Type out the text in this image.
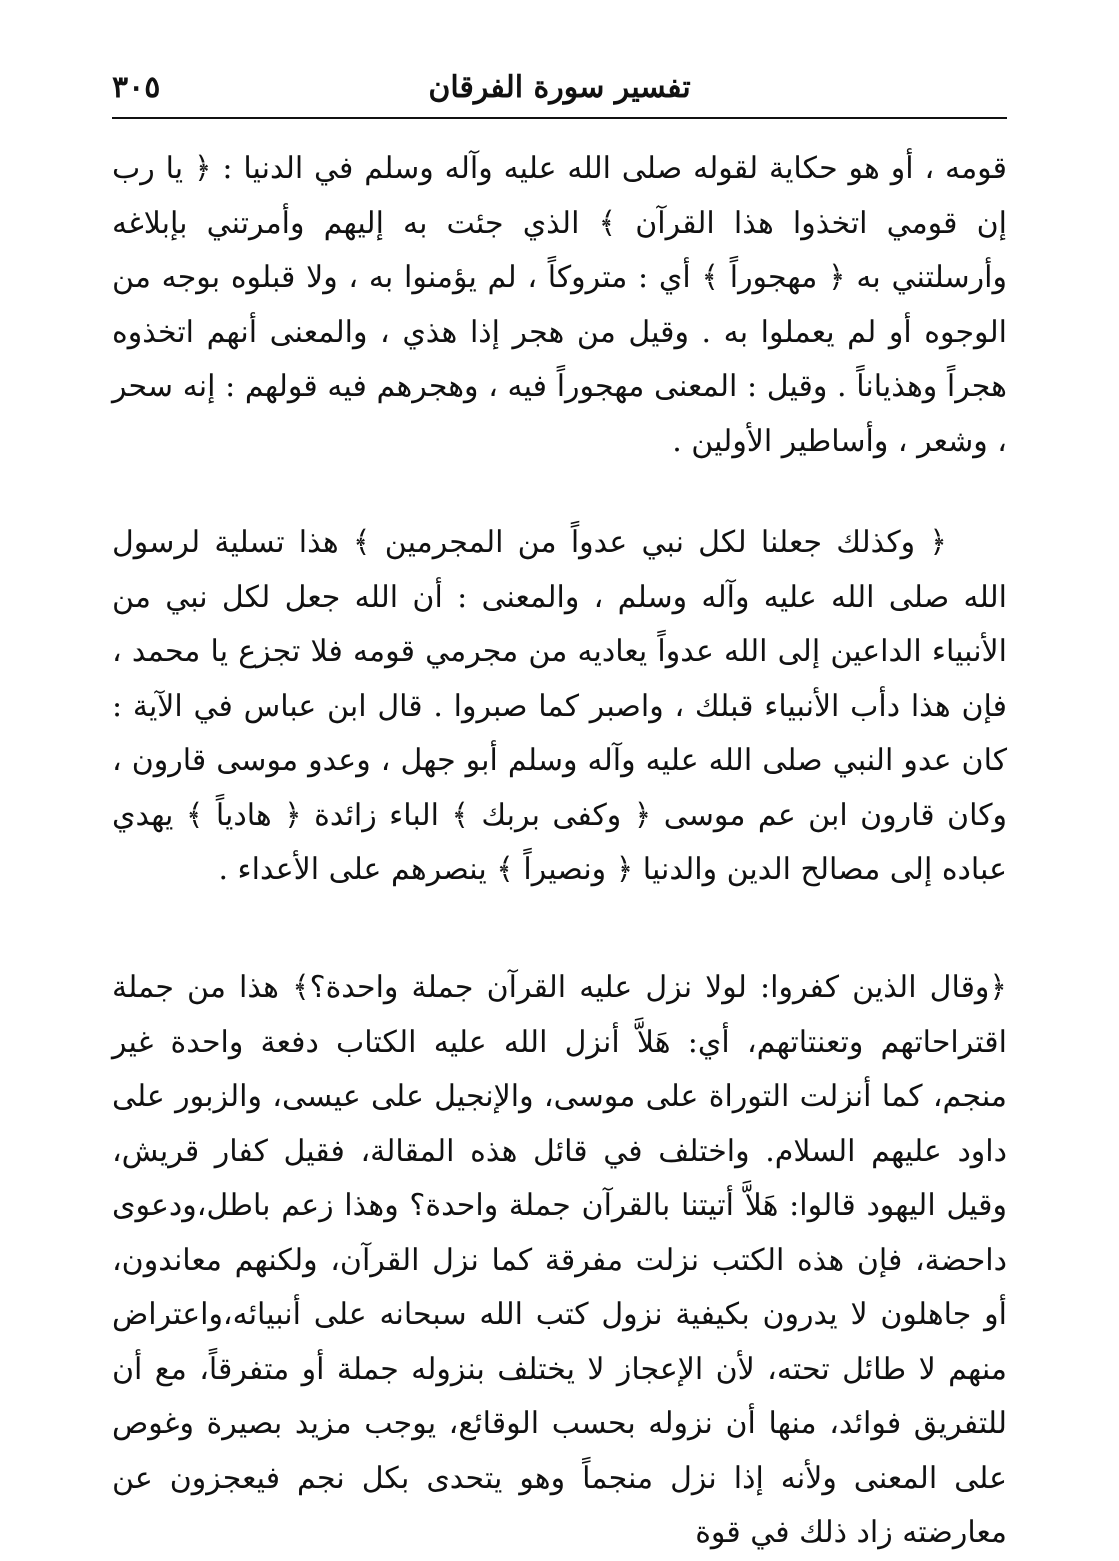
٣٠٥	تفسير سورة الفرقان

قومه ، أو هو حكاية لقوله صلى الله عليه وآله وسلم في الدنيا : ﴿ يا رب إن قومي اتخذوا هذا القرآن ﴾ الذي جئت به إليهم وأمرتني بإبلاغه وأرسلتني به ﴿ مهجوراً ﴾ أي : متروكاً ، لم يؤمنوا به ، ولا قبلوه بوجه من الوجوه أو لم يعملوا به . وقيل من هجر إذا هذي ، والمعنى أنهم اتخذوه هجراً وهذياناً . وقيل : المعنى مهجوراً فيه ، وهجرهم فيه قولهم : إنه سحر ، وشعر ، وأساطير الأولين .

﴿ وكذلك جعلنا لكل نبي عدواً من المجرمين ﴾ هذا تسلية لرسول الله صلى الله عليه وآله وسلم ، والمعنى : أن الله جعل لكل نبي من الأنبياء الداعين إلى الله عدواً يعاديه من مجرمي قومه فلا تجزع يا محمد ، فإن هذا دأب الأنبياء قبلك ، واصبر كما صبروا . قال ابن عباس في الآية : كان عدو النبي صلى الله عليه وآله وسلم أبو جهل ، وعدو موسى قارون ، وكان قارون ابن عم موسى ﴿ وكفى بربك ﴾ الباء زائدة ﴿ هادياً ﴾ يهدي عباده إلى مصالح الدين والدنيا ﴿ ونصيراً ﴾ ينصرهم على الأعداء .

﴿وقال الذين كفروا: لولا نزل عليه القرآن جملة واحدة؟﴾ هذا من جملة اقتراحاتهم وتعنتاتهم، أي: هَلاَّ أنزل الله عليه الكتاب دفعة واحدة غير منجم، كما أنزلت التوراة على موسى، والإنجيل على عيسى، والزبور على داود عليهم السلام. واختلف في قائل هذه المقالة، فقيل كفار قريش، وقيل اليهود قالوا: هَلاَّ أتيتنا بالقرآن جملة واحدة؟ وهذا زعم باطل،ودعوى داحضة، فإن هذه الكتب نزلت مفرقة كما نزل القرآن، ولكنهم معاندون، أو جاهلون لا يدرون بكيفية نزول كتب الله سبحانه على أنبيائه،واعتراض منهم لا طائل تحته، لأن الإعجاز لا يختلف بنزوله جملة أو متفرقاً، مع أن للتفريق فوائد، منها أن نزوله بحسب الوقائع، يوجب مزيد بصيرة وغوص على المعنى ولأنه إذا نزل منجماً وهو يتحدى بكل نجم فيعجزون عن معارضته زاد ذلك في قوة
